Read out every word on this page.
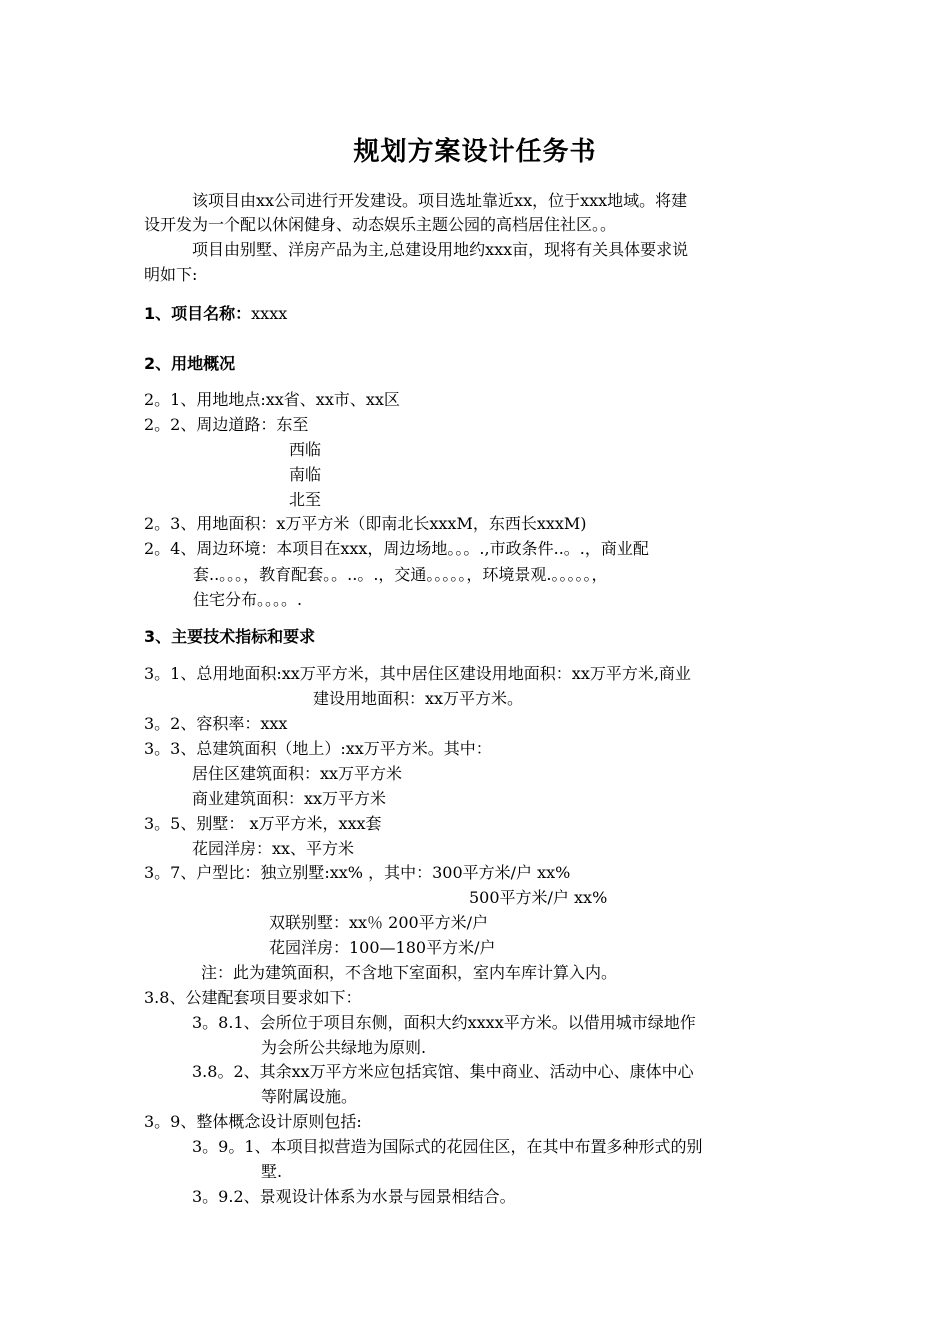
规划方案设计任务书
该项目由xx公司进行开发建设。项目选址靠近xx，位于xxx地域。将建
设开发为一个配以休闲健身、动态娱乐主题公园的高档居住社区。。
项目由别墅、洋房产品为主,总建设用地约xxx亩，现将有关具体要求说
明如下:
1、项目名称：xxxx
2、用地概况
2。1、用地地点:xx省、xx市、xx区
2。2、周边道路：东至
西临
南临
北至
2。3、用地面积：x万平方米（即南北长xxxM，东西长xxxM)
2。4、周边环境：本项目在xxx，周边场地。。。.,市政条件..。.，商业配
套..。。。，教育配套。。..。.，交通。。。。。，环境景观.。。。。。，
住宅分布。。。。.
3、主要技术指标和要求
3。1、总用地面积:xx万平方米，其中居住区建设用地面积：xx万平方米,商业
建设用地面积：xx万平方米。
3。2、容积率：xxx
3。3、总建筑面积（地上）:xx万平方米。其中：
居住区建筑面积：xx万平方米
商业建筑面积：xx万平方米
3。5、别墅： x万平方米，xxx套
花园洋房：xx、平方米
3。7、户型比：独立别墅:xx% ，其中：300平方米/户 xx%
500平方米/户 xx%
双联别墅：xx％ 200平方米/户
花园洋房：100—180平方米/户
注：此为建筑面积，不含地下室面积，室内车库计算入内。
3.8、公建配套项目要求如下：
3。8.1、会所位于项目东侧，面积大约xxxx平方米。以借用城市绿地作
为会所公共绿地为原则.
3.8。2、其余xx万平方米应包括宾馆、集中商业、活动中心、康体中心
等附属设施。
3。9、整体概念设计原则包括:
3。9。1、本项目拟营造为国际式的花园住区，在其中布置多种形式的别
墅.
3。9.2、景观设计体系为水景与园景相结合。
